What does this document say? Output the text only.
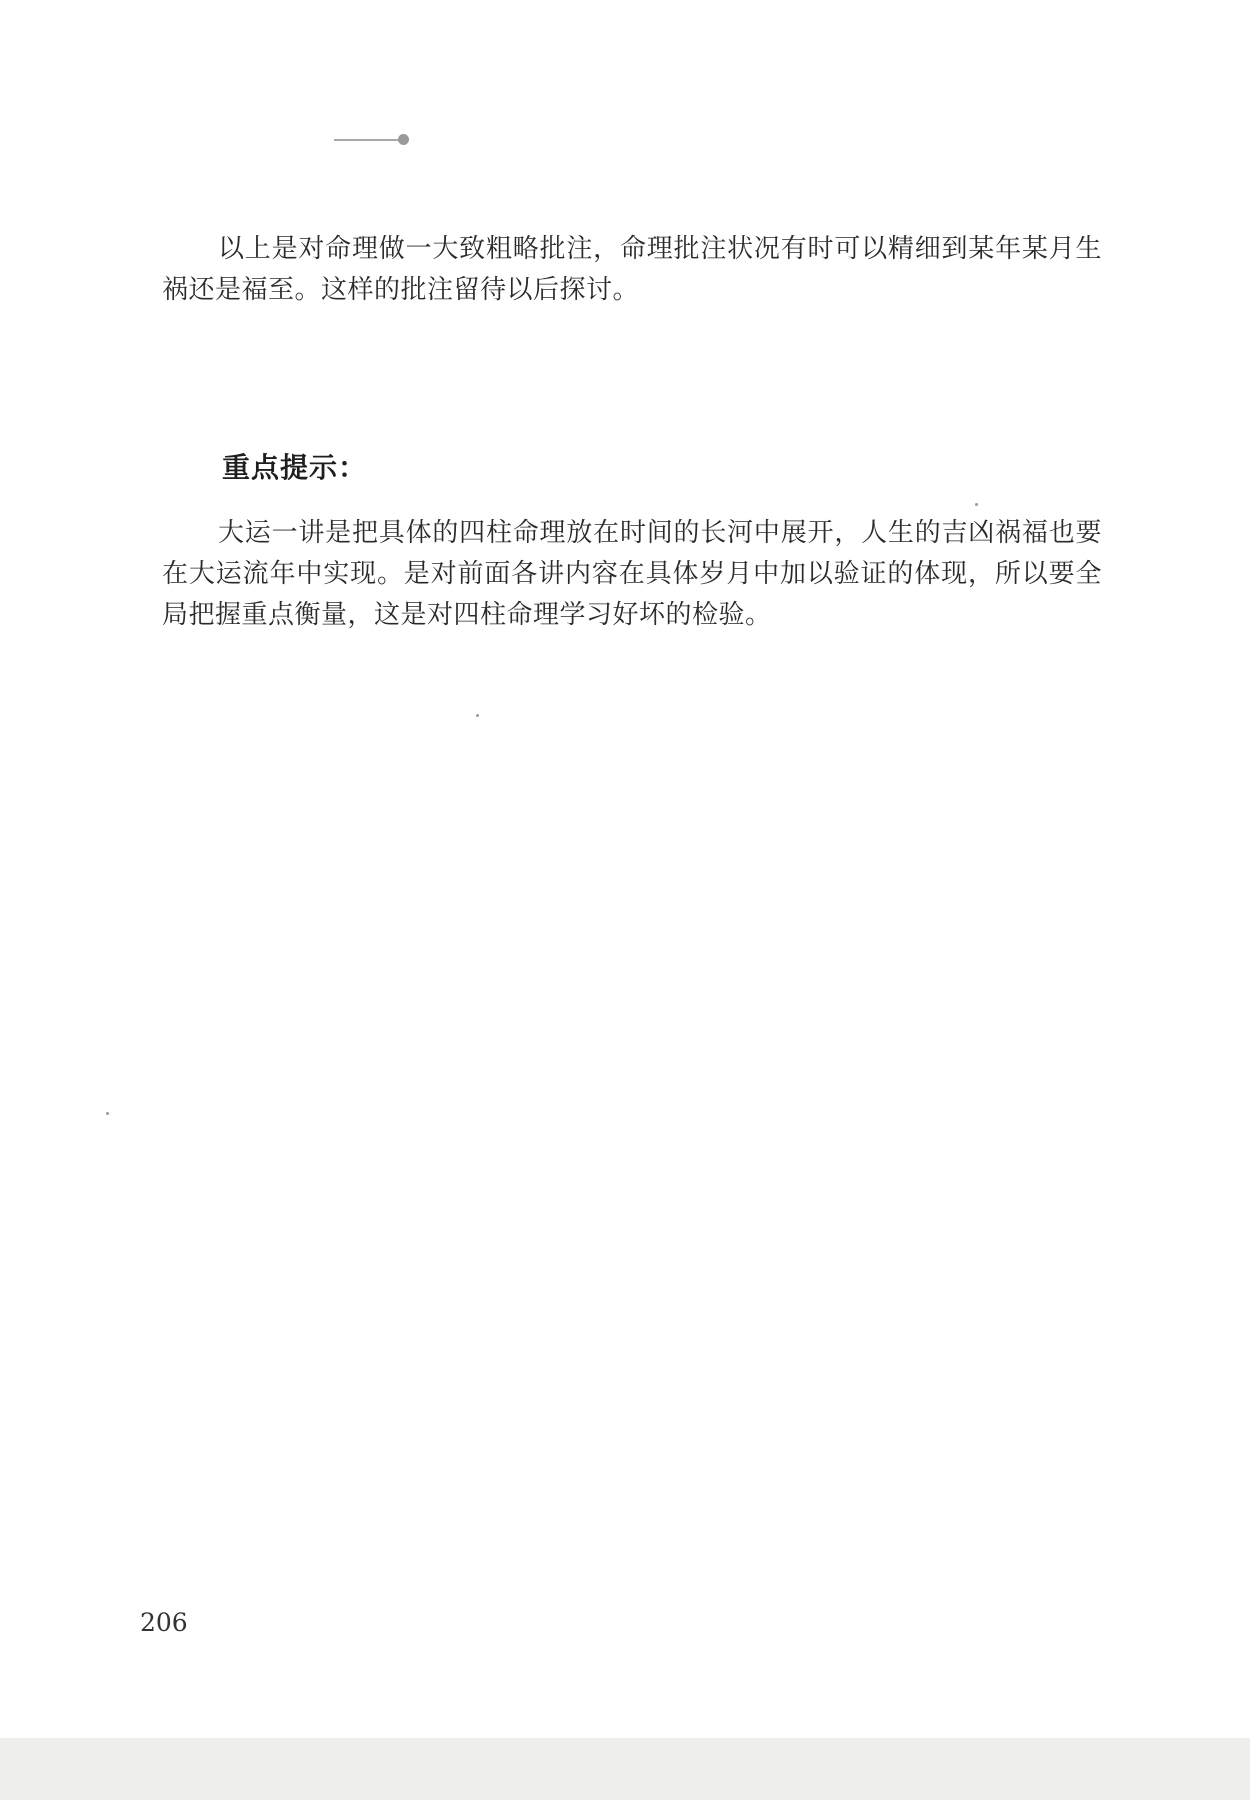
以上是对命理做一大致粗略批注，命理批注状况有时可以精细到某年某月生祸还是福至。这样的批注留待以后探讨。

重点提示：

大运一讲是把具体的四柱命理放在时间的长河中展开，人生的吉凶祸福也要在大运流年中实现。是对前面各讲内容在具体岁月中加以验证的体现，所以要全局把握重点衡量，这是对四柱命理学习好坏的检验。

206
